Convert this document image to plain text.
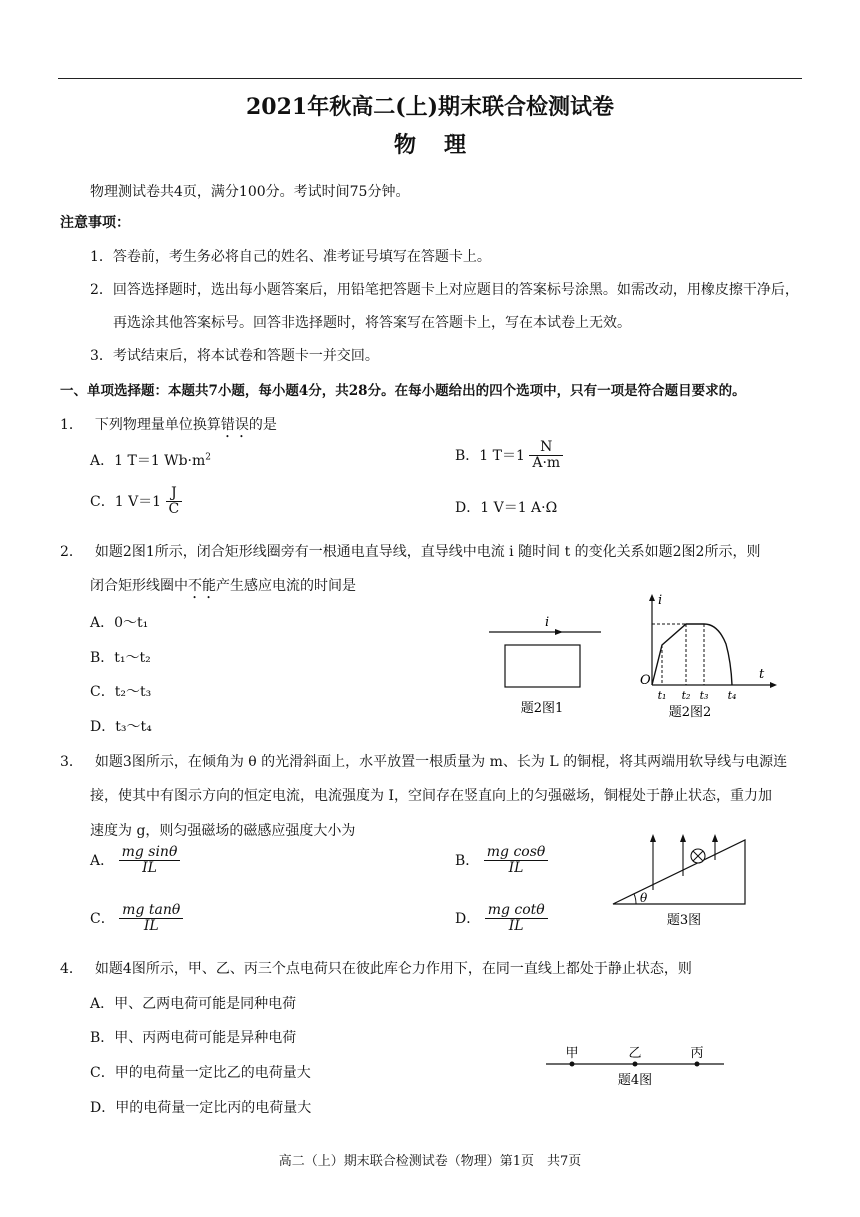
2021年秋高二(上)期末联合检测试卷
物理
物理测试卷共4页，满分100分。考试时间75分钟。
注意事项：
1．答卷前，考生务必将自己的姓名、准考证号填写在答题卡上。
2．回答选择题时，选出每小题答案后，用铅笔把答题卡上对应题目的答案标号涂黑。如需改动，用橡皮擦干净后，
再选涂其他答案标号。回答非选择题时，将答案写在答题卡上，写在本试卷上无效。
3．考试结束后，将本试卷和答题卡一并交回。
一、单项选择题：本题共7小题，每小题4分，共28分。在每小题给出的四个选项中，只有一项是符合题目要求的。
1． 下列物理量单位换算错误的是
A．1 T＝1 $Wb\cdot m^2$	B．1 $T=1 \frac{N}{A\cdot m}$
C．1 $V=1 \frac{J}{C}$	D．1 V＝1 A·Ω
2． 如题2图1所示，闭合矩形线圈旁有一根通电直导线，直导线中电流 i 随时间 t 的变化关系如题2图2所示，则
闭合矩形线圈中不能产生感应电流的时间是
A．0～t₁
B．t₁～t₂
C．t₂～t₃
D．t₃～t₄
i
题2图1
i
t
O
t₁ t₂ t₃ t₄
题2图2
3． 如题3图所示，在倾角为 θ 的光滑斜面上，水平放置一根质量为 m、长为 L 的铜棍，将其两端用软导线与电源连
接，使其中有图示方向的恒定电流，电流强度为 I，空间存在竖直向上的匀强磁场，铜棍处于静止状态，重力加
速度为 g，则匀强磁场的磁感应强度大小为
A． $\frac{\text{mg sinθ}}{IL}$	B． $\frac{\text{mg cosθ}}{IL}$
C． $\frac{\text{mg tanθ}}{IL}$	D． $\frac{\text{mg cotθ}}{IL}$
θ
题3图
4． 如题4图所示，甲、乙、丙三个点电荷只在彼此库仑力作用下，在同一直线上都处于静止状态，则
A．甲、乙两电荷可能是同种电荷
B．甲、丙两电荷可能是异种电荷
C．甲的电荷量一定比乙的电荷量大
D．甲的电荷量一定比丙的电荷量大
甲	乙	丙
题4图
高二（上）期末联合检测试卷（物理）第1页　共7页
